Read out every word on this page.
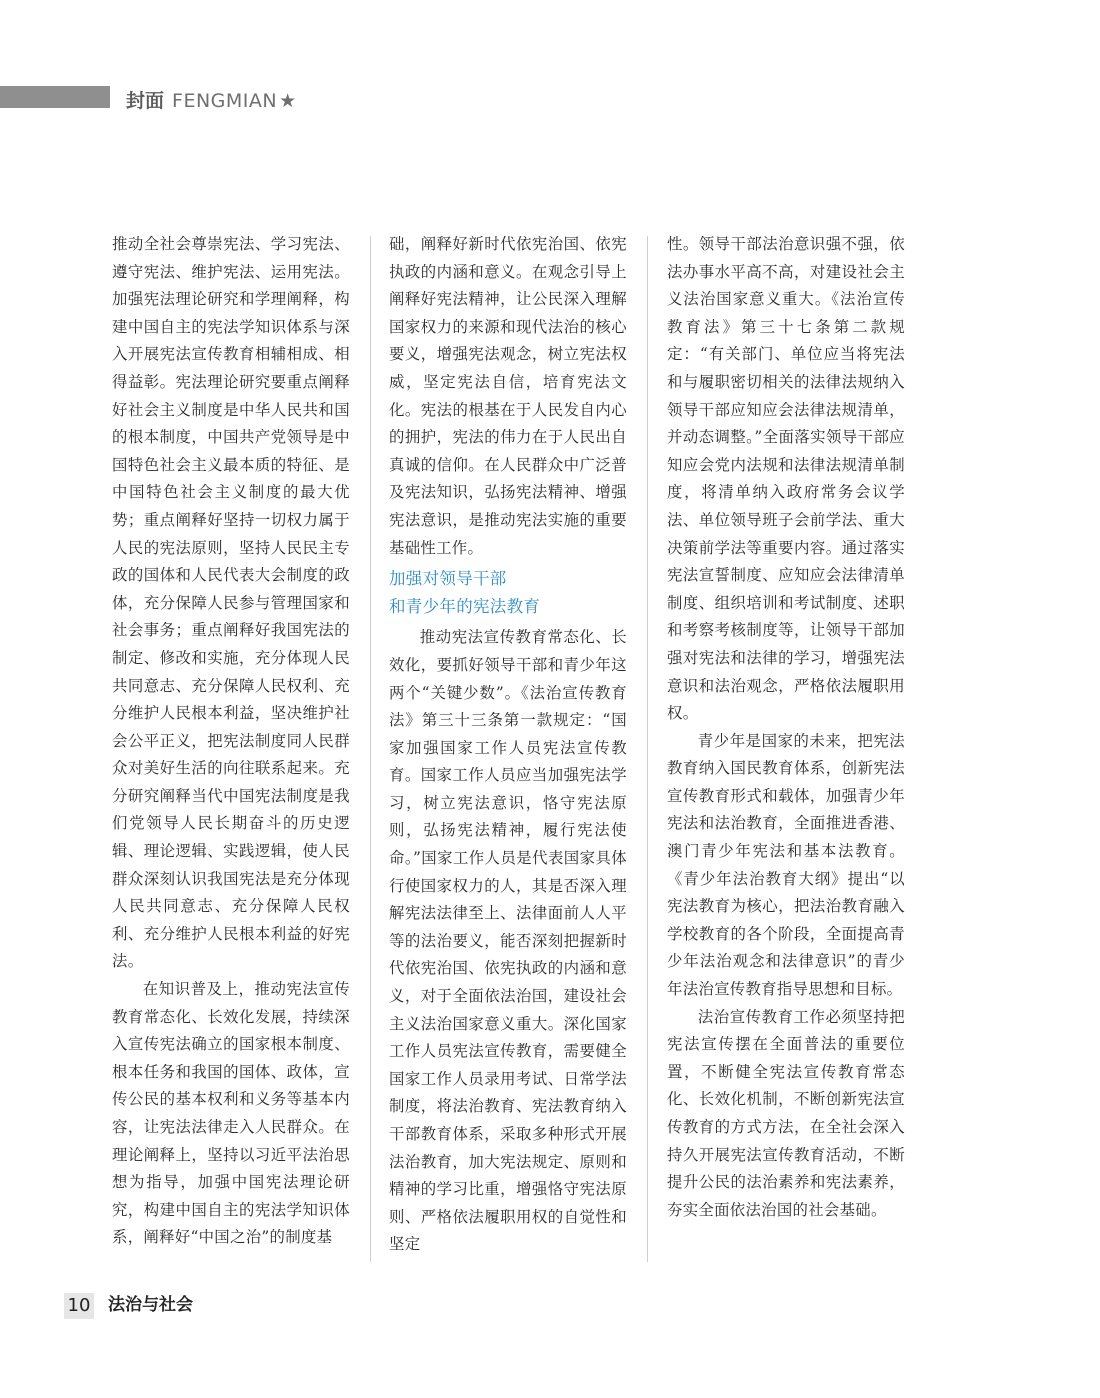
封面 FENGMIAN ★

推动全社会尊崇宪法、学习宪法、遵守宪法、维护宪法、运用宪法。加强宪法理论研究和学理阐释，构建中国自主的宪法学知识体系与深入开展宪法宣传教育相辅相成、相得益彰。宪法理论研究要重点阐释好社会主义制度是中华人民共和国的根本制度，中国共产党领导是中国特色社会主义最本质的特征、是中国特色社会主义制度的最大优势；重点阐释好坚持一切权力属于人民的宪法原则，坚持人民民主专政的国体和人民代表大会制度的政体，充分保障人民参与管理国家和社会事务；重点阐释好我国宪法的制定、修改和实施，充分体现人民共同意志、充分保障人民权利、充分维护人民根本利益，坚决维护社会公平正义，把宪法制度同人民群众对美好生活的向往联系起来。充分研究阐释当代中国宪法制度是我们党领导人民长期奋斗的历史逻辑、理论逻辑、实践逻辑，使人民群众深刻认识我国宪法是充分体现人民共同意志、充分保障人民权利、充分维护人民根本利益的好宪法。

在知识普及上，推动宪法宣传教育常态化、长效化发展，持续深入宣传宪法确立的国家根本制度、根本任务和我国的国体、政体，宣传公民的基本权利和义务等基本内容，让宪法法律走入人民群众。在理论阐释上，坚持以习近平法治思想为指导，加强中国宪法理论研究，构建中国自主的宪法学知识体系，阐释好“中国之治”的制度基

础，阐释好新时代依宪治国、依宪执政的内涵和意义。在观念引导上阐释好宪法精神，让公民深入理解国家权力的来源和现代法治的核心要义，增强宪法观念，树立宪法权威，坚定宪法自信，培育宪法文化。宪法的根基在于人民发自内心的拥护，宪法的伟力在于人民出自真诚的信仰。在人民群众中广泛普及宪法知识，弘扬宪法精神、增强宪法意识，是推动宪法实施的重要基础性工作。

加强对领导干部
和青少年的宪法教育

推动宪法宣传教育常态化、长效化，要抓好领导干部和青少年这两个“关键少数”。《法治宣传教育法》第三十三条第一款规定：“国家加强国家工作人员宪法宣传教育。国家工作人员应当加强宪法学习，树立宪法意识，恪守宪法原则，弘扬宪法精神，履行宪法使命。”国家工作人员是代表国家具体行使国家权力的人，其是否深入理解宪法法律至上、法律面前人人平等的法治要义，能否深刻把握新时代依宪治国、依宪执政的内涵和意义，对于全面依法治国，建设社会主义法治国家意义重大。深化国家工作人员宪法宣传教育，需要健全国家工作人员录用考试、日常学法制度，将法治教育、宪法教育纳入干部教育体系，采取多种形式开展法治教育，加大宪法规定、原则和精神的学习比重，增强恪守宪法原则、严格依法履职用权的自觉性和坚定

性。领导干部法治意识强不强，依法办事水平高不高，对建设社会主义法治国家意义重大。《法治宣传教育法》第三十七条第二款规定：“有关部门、单位应当将宪法和与履职密切相关的法律法规纳入领导干部应知应会法律法规清单，并动态调整。”全面落实领导干部应知应会党内法规和法律法规清单制度，将清单纳入政府常务会议学法、单位领导班子会前学法、重大决策前学法等重要内容。通过落实宪法宣誓制度、应知应会法律清单制度、组织培训和考试制度、述职和考察考核制度等，让领导干部加强对宪法和法律的学习，增强宪法意识和法治观念，严格依法履职用权。

青少年是国家的未来，把宪法教育纳入国民教育体系，创新宪法宣传教育形式和载体，加强青少年宪法和法治教育，全面推进香港、澳门青少年宪法和基本法教育。《青少年法治教育大纲》提出“以宪法教育为核心，把法治教育融入学校教育的各个阶段，全面提高青少年法治观念和法律意识”的青少年法治宣传教育指导思想和目标。

法治宣传教育工作必须坚持把宪法宣传摆在全面普法的重要位置，不断健全宪法宣传教育常态化、长效化机制，不断创新宪法宣传教育的方式方法，在全社会深入持久开展宪法宣传教育活动，不断提升公民的法治素养和宪法素养，夯实全面依法治国的社会基础。

10 法治与社会
